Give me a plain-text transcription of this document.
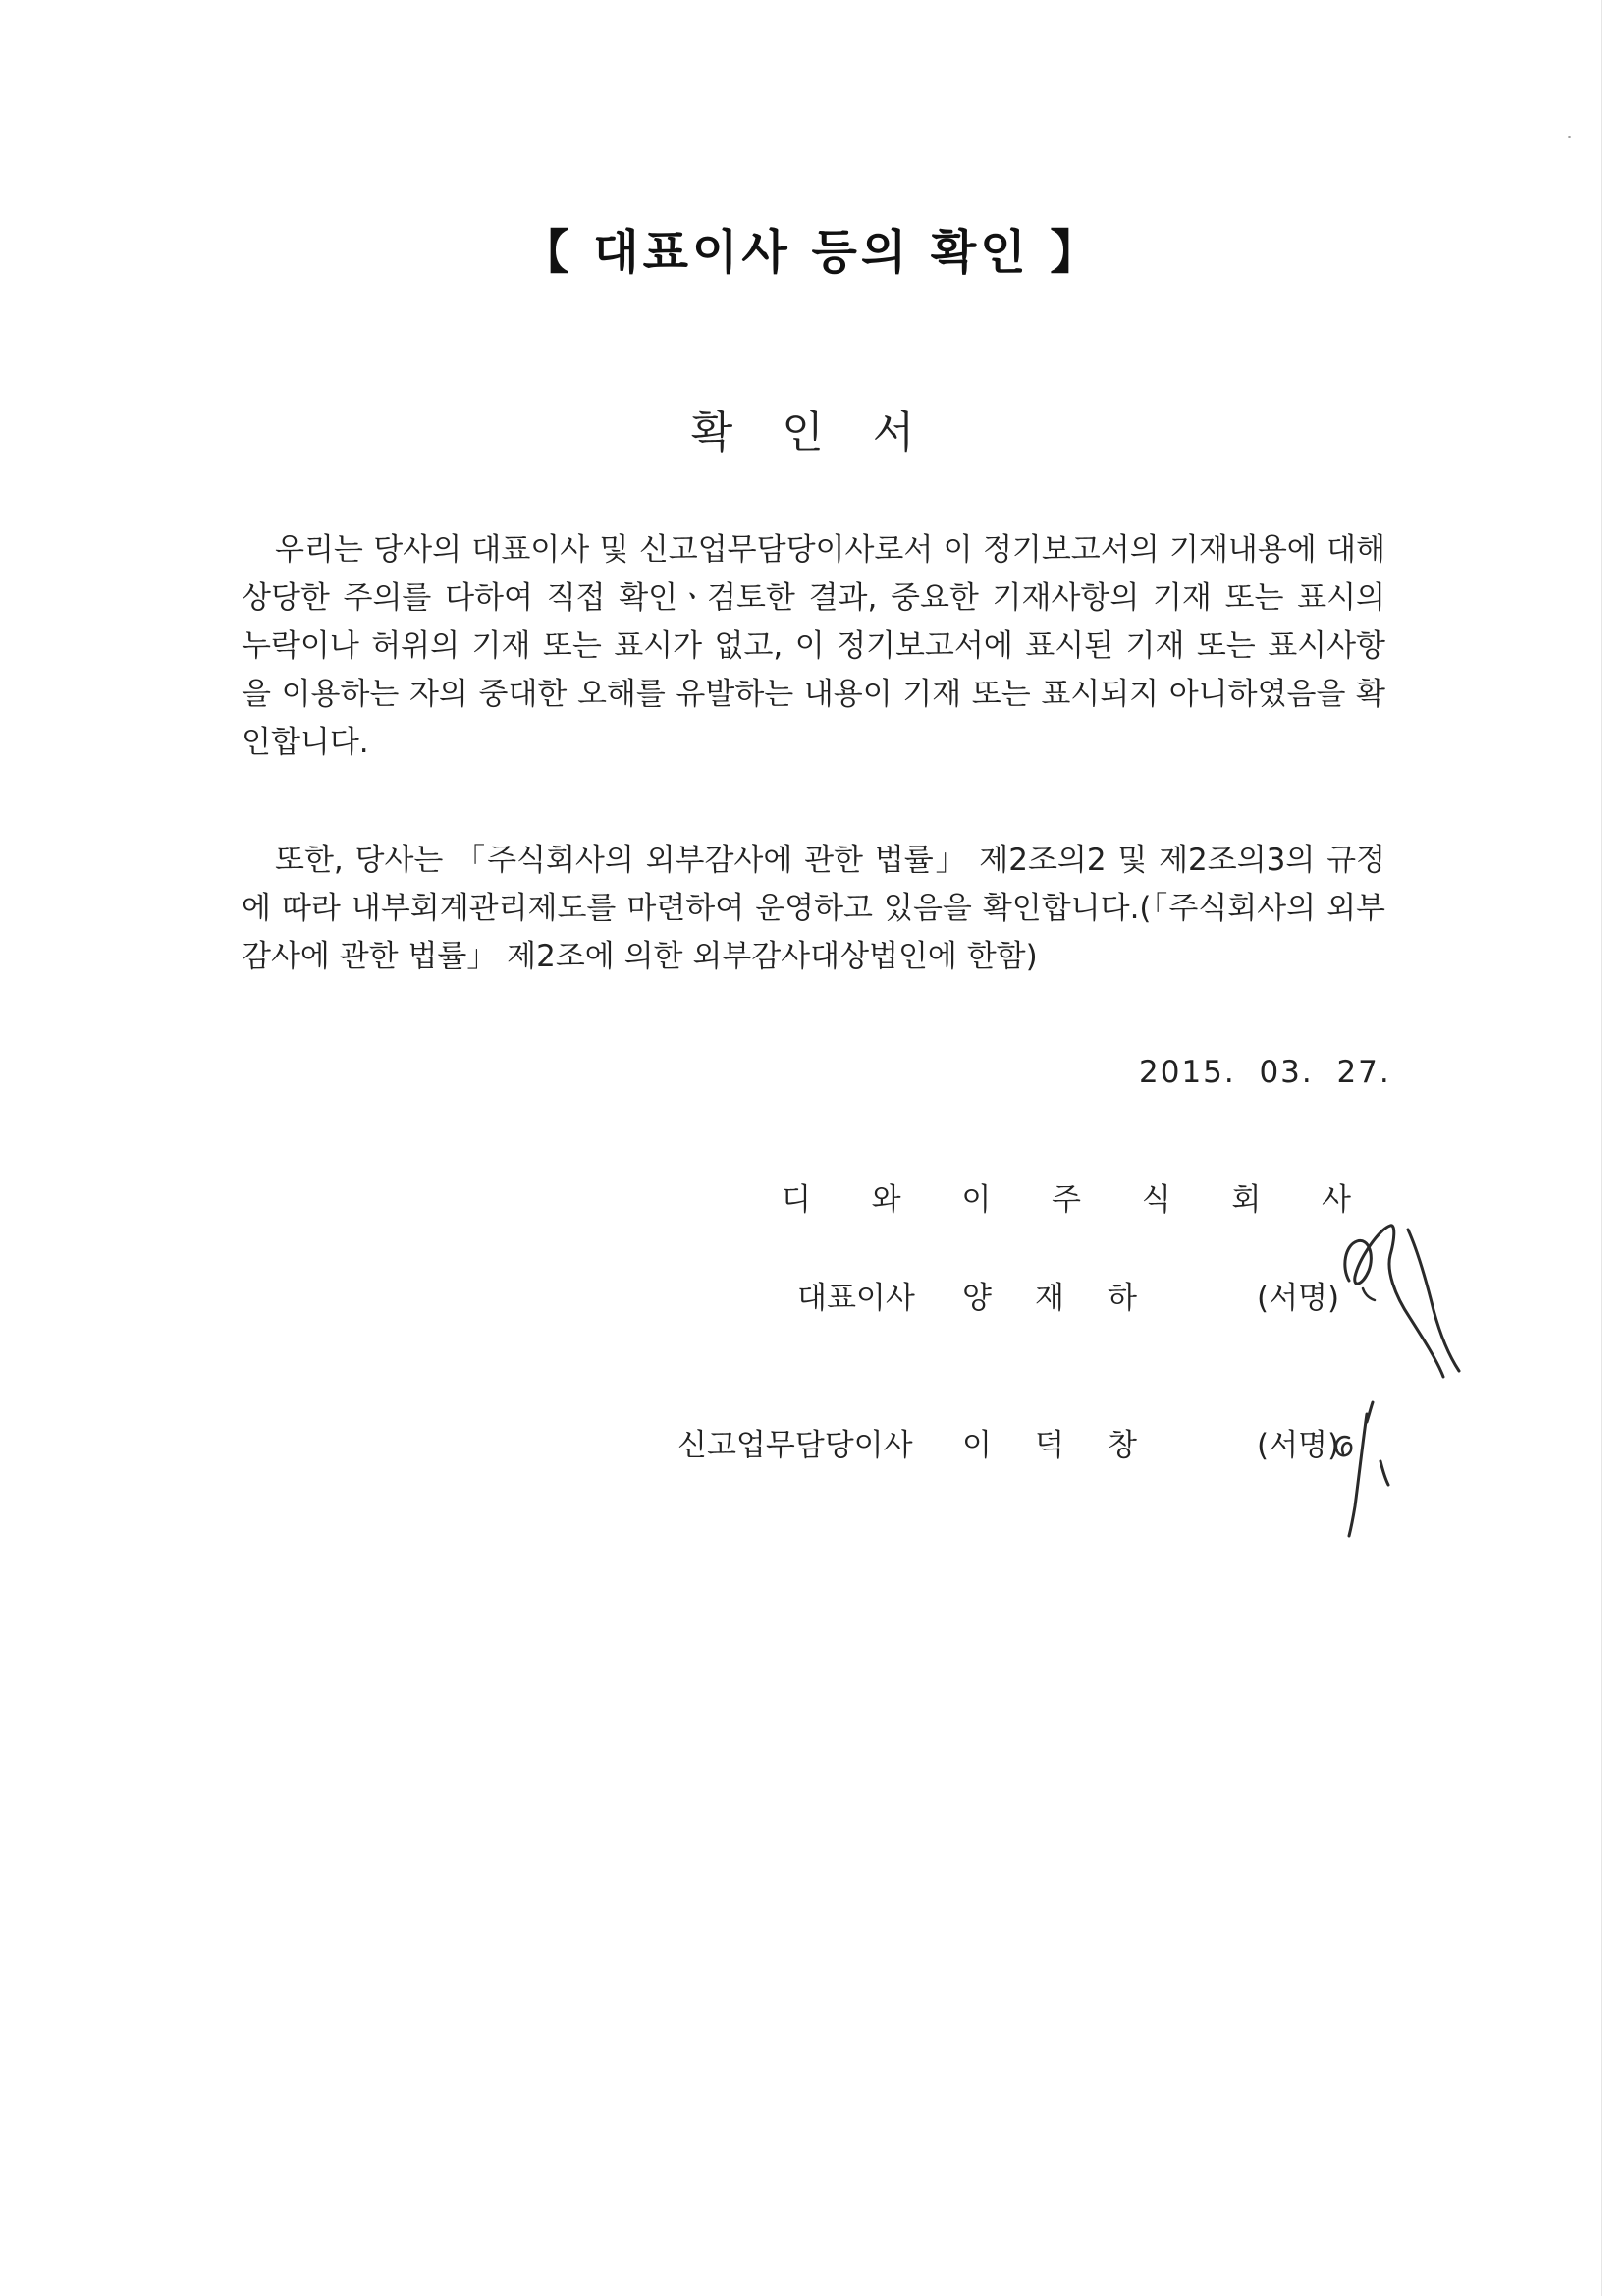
【 대표이사 등의 확인 】
확 인 서

우리는 당사의 대표이사 및 신고업무담당이사로서 이 정기보고서의 기재내용에 대해 상당한 주의를 다하여 직접 확인ㆍ검토한 결과, 중요한 기재사항의 기재 또는 표시의 누락이나 허위의 기재 또는 표시가 없고, 이 정기보고서에 표시된 기재 또는 표시사항을 이용하는 자의 중대한 오해를 유발하는 내용이 기재 또는 표시되지 아니하였음을 확인합니다.

또한, 당사는 「주식회사의 외부감사에 관한 법률」 제2조의2 및 제2조의3의 규정에 따라 내부회계관리제도를 마련하여 운영하고 있음을 확인합니다.(「주식회사의 외부감사에 관한 법률」 제2조에 의한 외부감사대상법인에 한함)

2015.  03.  27.
디 와 이 주 식 회 사
대표이사 양 재 하	(서명)
신고업무담당이사 이 덕 창	(서명)
